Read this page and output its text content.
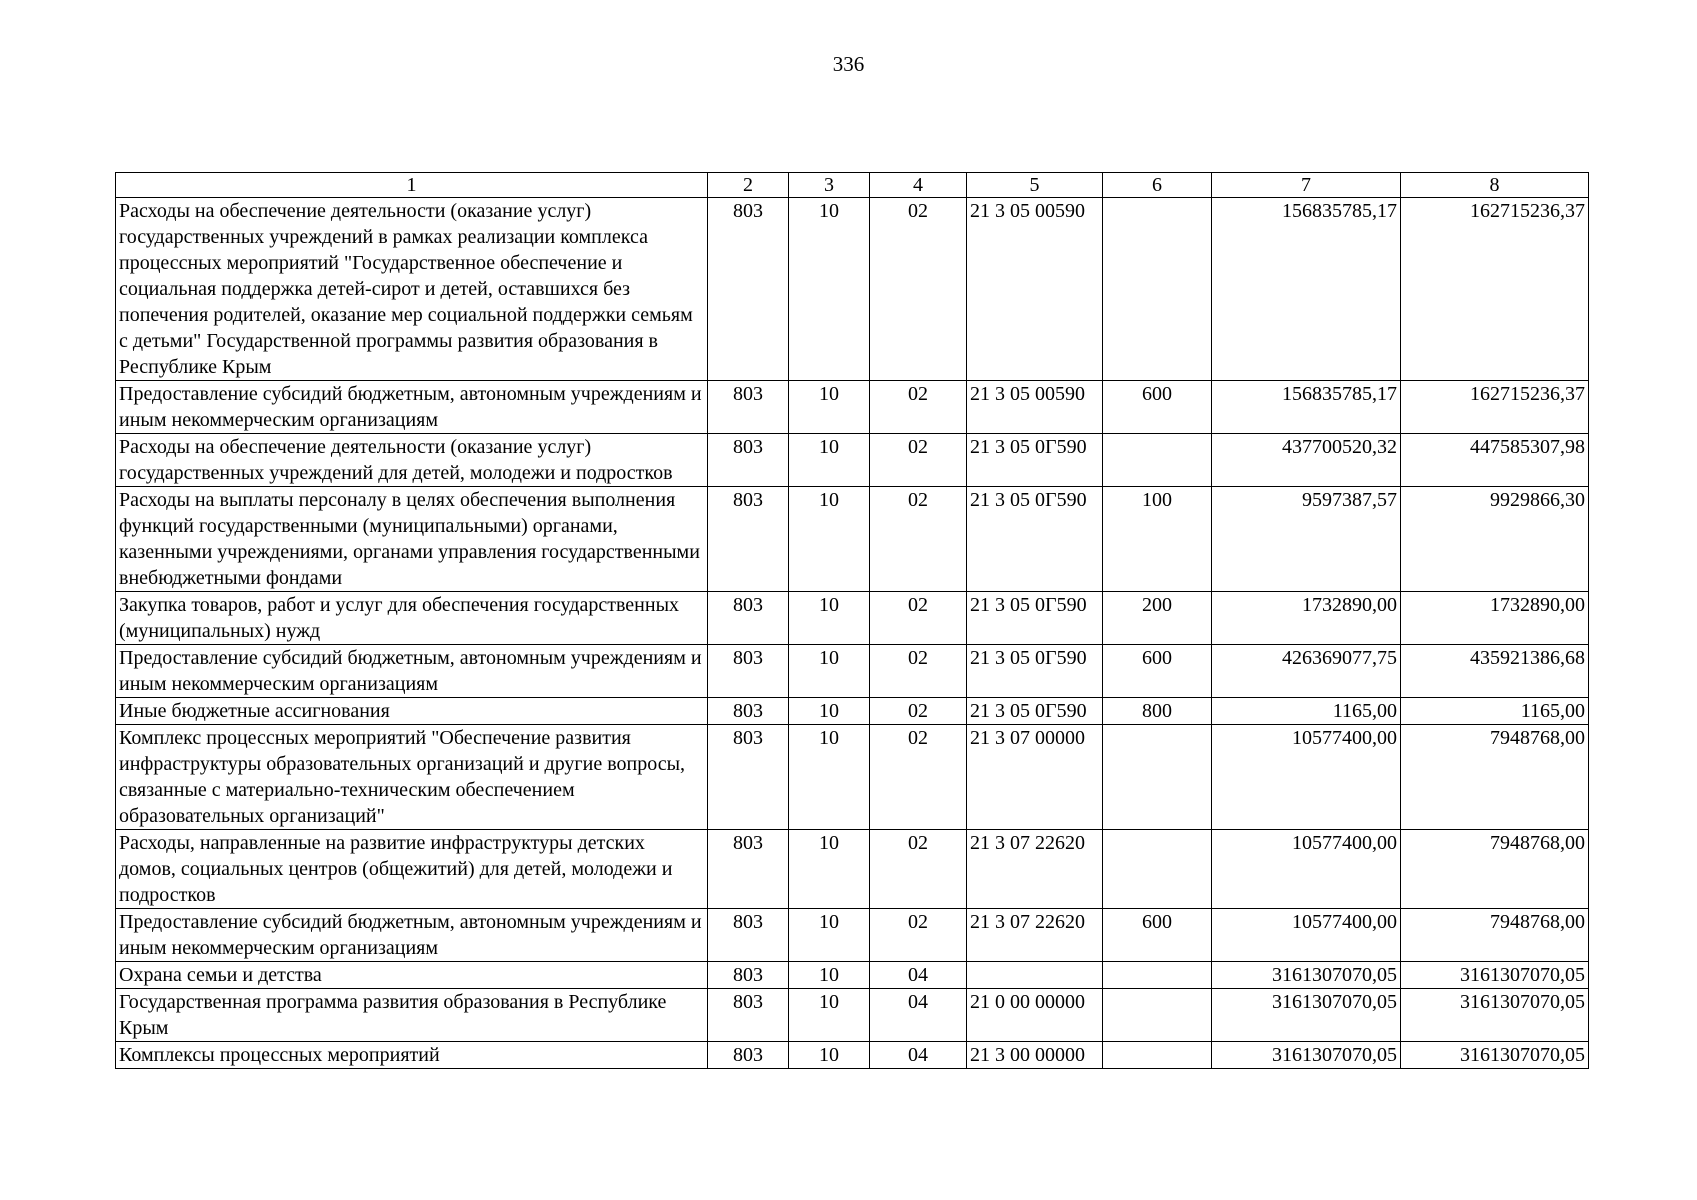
336
1	2	3	4	5	6	7	8
Расходы на обеспечение деятельности (оказание услуг) государственных учреждений в рамках реализации комплекса процессных мероприятий "Государственное обеспечение и социальная поддержка детей-сирот и детей, оставшихся без попечения родителей, оказание мер социальной поддержки семьям с детьми" Государственной программы развития образования в Республике Крым	803	10	02	21 3 05 00590		156835785,17	162715236,37
Предоставление субсидий бюджетным, автономным учреждениям и иным некоммерческим организациям	803	10	02	21 3 05 00590	600	156835785,17	162715236,37
Расходы на обеспечение деятельности (оказание услуг) государственных учреждений для детей, молодежи и подростков	803	10	02	21 3 05 0Г590		437700520,32	447585307,98
Расходы на выплаты персоналу в целях обеспечения выполнения функций государственными (муниципальными) органами, казенными учреждениями, органами управления государственными внебюджетными фондами	803	10	02	21 3 05 0Г590	100	9597387,57	9929866,30
Закупка товаров, работ и услуг для обеспечения государственных (муниципальных) нужд	803	10	02	21 3 05 0Г590	200	1732890,00	1732890,00
Предоставление субсидий бюджетным, автономным учреждениям и иным некоммерческим организациям	803	10	02	21 3 05 0Г590	600	426369077,75	435921386,68
Иные бюджетные ассигнования	803	10	02	21 3 05 0Г590	800	1165,00	1165,00
Комплекс процессных мероприятий "Обеспечение развития инфраструктуры образовательных организаций и другие вопросы, связанные с материально-техническим обеспечением образовательных организаций"	803	10	02	21 3 07 00000		10577400,00	7948768,00
Расходы, направленные на развитие инфраструктуры детских домов, социальных центров (общежитий) для детей, молодежи и подростков	803	10	02	21 3 07 22620		10577400,00	7948768,00
Предоставление субсидий бюджетным, автономным учреждениям и иным некоммерческим организациям	803	10	02	21 3 07 22620	600	10577400,00	7948768,00
Охрана семьи и детства	803	10	04			3161307070,05	3161307070,05
Государственная программа развития образования в Республике Крым	803	10	04	21 0 00 00000		3161307070,05	3161307070,05
Комплексы процессных мероприятий	803	10	04	21 3 00 00000		3161307070,05	3161307070,05
